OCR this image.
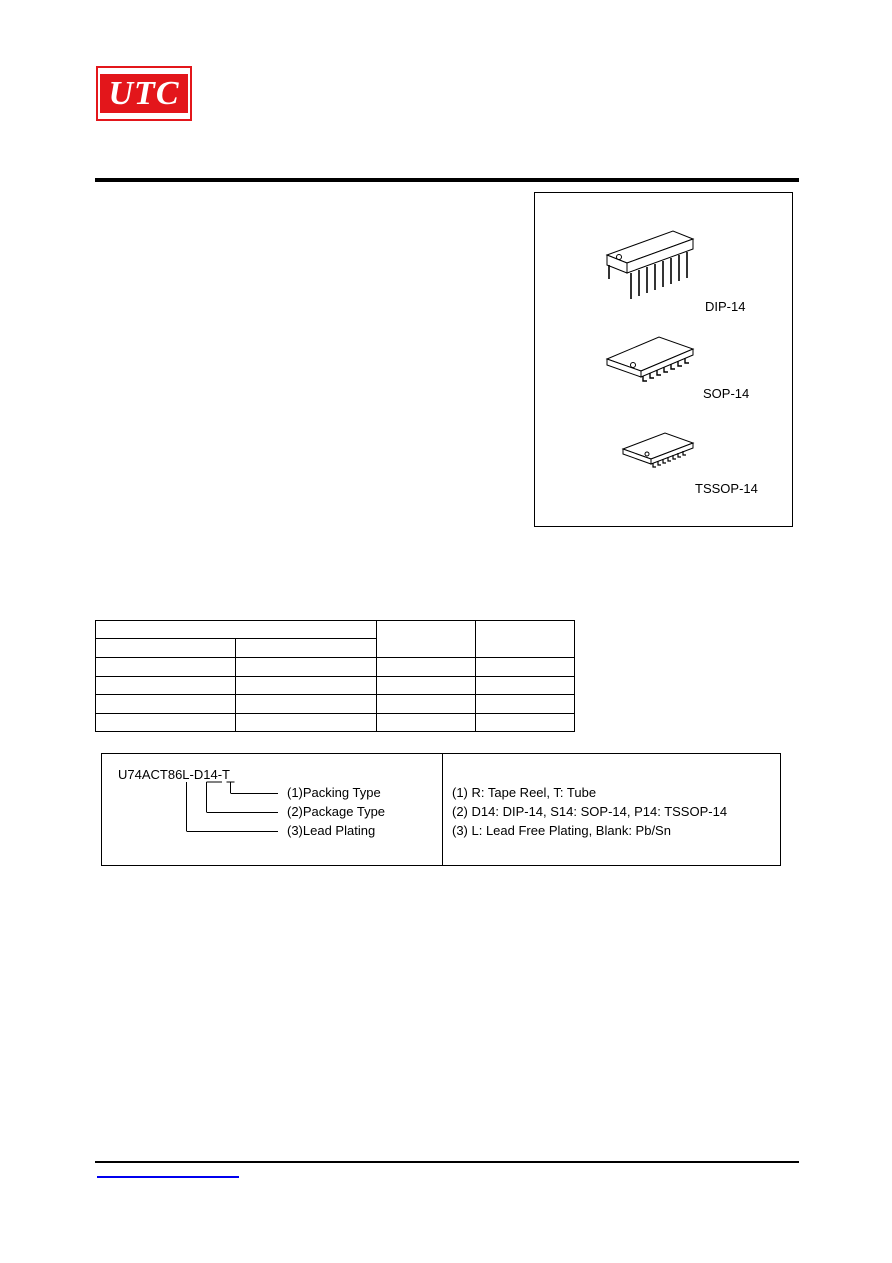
UTC
DIP-14
SOP-14
TSSOP-14
U74ACT86L-D14-T
(1)Packing Type
(2)Package Type
(3)Lead Plating
(1) R: Tape Reel, T: Tube
(2) D14: DIP-14, S14: SOP-14, P14: TSSOP-14
(3) L: Lead Free Plating, Blank: Pb/Sn
